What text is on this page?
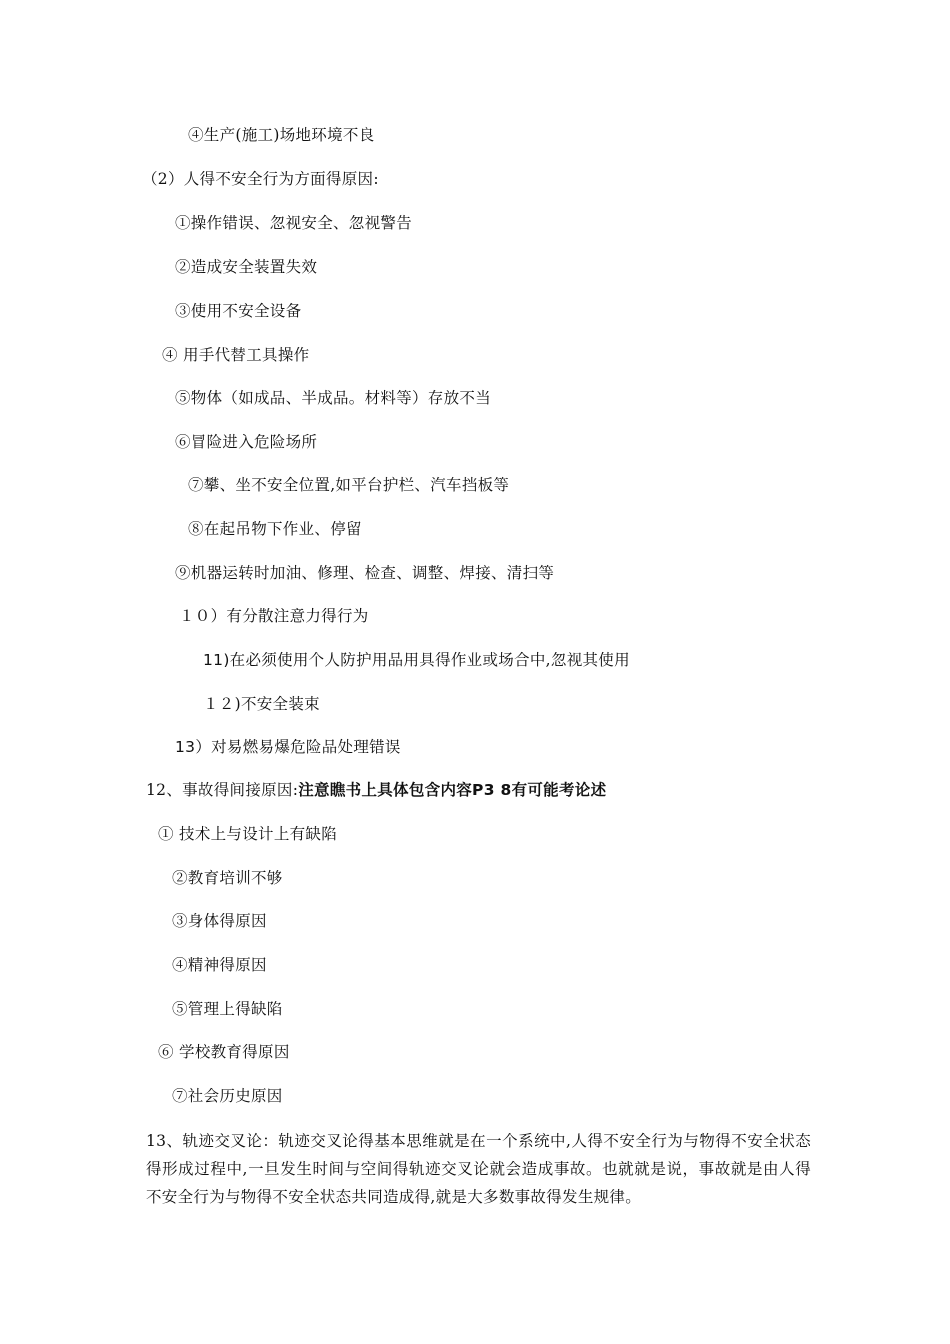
④生产(施工)场地环境不良
（2）人得不安全行为方面得原因:
①操作错误、忽视安全、忽视警告
②造成安全装置失效
③使用不安全设备
④ 用手代替工具操作
⑤物体（如成品、半成品。材料等）存放不当
⑥冒险进入危险场所
⑦攀、坐不安全位置,如平台护栏、汽车挡板等
⑧在起吊物下作业、停留
⑨机器运转时加油、修理、检查、调整、焊接、清扫等
１０）有分散注意力得行为
11)在必须使用个人防护用品用具得作业或场合中,忽视其使用
１２)不安全装束
13）对易燃易爆危险品处理错误
12、事故得间接原因:注意瞧书上具体包含内容P3 8有可能考论述
① 技术上与设计上有缺陷
②教育培训不够
③身体得原因
④精神得原因
⑤管理上得缺陷
⑥ 学校教育得原因
⑦社会历史原因
13、轨迹交叉论：轨迹交叉论得基本思维就是在一个系统中,人得不安全行为与物得不安全状态得形成过程中,一旦发生时间与空间得轨迹交叉论就会造成事故。也就就是说，事故就是由人得不安全行为与物得不安全状态共同造成得,就是大多数事故得发生规律。
